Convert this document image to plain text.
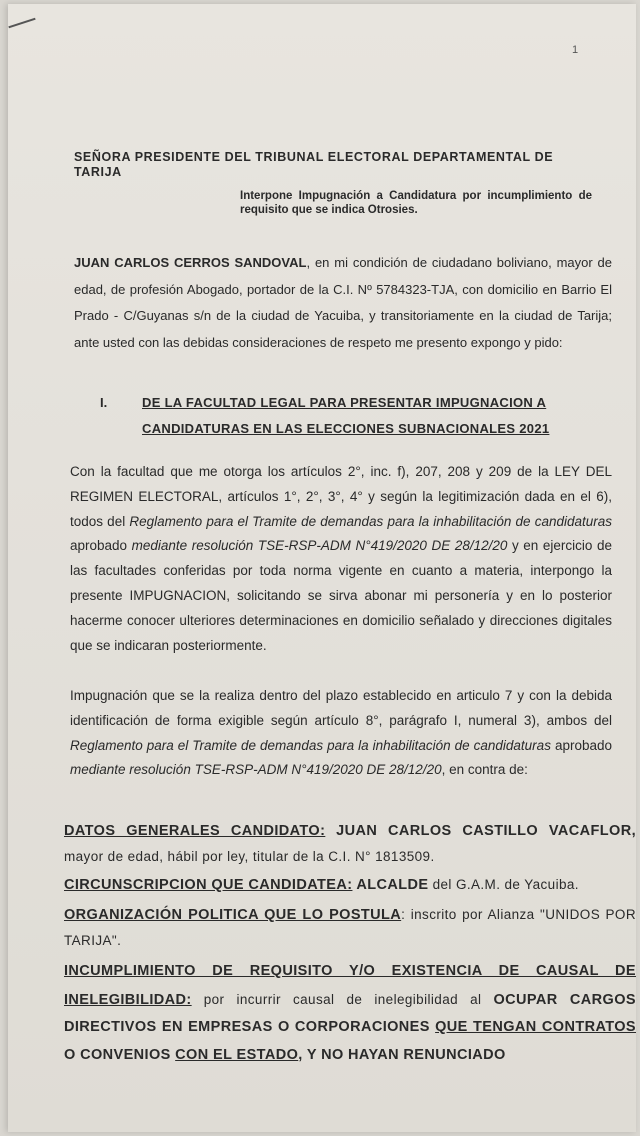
1
SEÑORA PRESIDENTE DEL TRIBUNAL ELECTORAL DEPARTAMENTAL DE TARIJA
Interpone Impugnación a Candidatura por incumplimiento de requisito que se indica Otrosies.
JUAN CARLOS CERROS SANDOVAL, en mi condición de ciudadano boliviano, mayor de edad, de profesión Abogado, portador de la C.I. Nº 5784323-TJA, con domicilio en Barrio El Prado - C/Guyanas s/n de la ciudad de Yacuiba, y transitoriamente en la ciudad de Tarija; ante usted con las debidas consideraciones de respeto me presento expongo y pido:
I.	DE LA FACULTAD LEGAL PARA PRESENTAR IMPUGNACION A CANDIDATURAS EN LAS ELECCIONES SUBNACIONALES 2021
Con la facultad que me otorga los artículos 2°, inc. f), 207, 208 y 209 de la LEY DEL REGIMEN ELECTORAL, artículos 1°, 2°, 3°, 4° y según la legitimización dada en el 6), todos del Reglamento para el Tramite de demandas para la inhabilitación de candidaturas aprobado mediante resolución TSE-RSP-ADM N°419/2020 DE 28/12/20 y en ejercicio de las facultades conferidas por toda norma vigente en cuanto a materia, interpongo la presente IMPUGNACION, solicitando se sirva abonar mi personería y en lo posterior hacerme conocer ulteriores determinaciones en domicilio señalado y direcciones digitales que se indicaran posteriormente.
Impugnación que se la realiza dentro del plazo establecido en articulo 7 y con la debida identificación de forma exigible según artículo 8°, parágrafo I, numeral 3), ambos del Reglamento para el Tramite de demandas para la inhabilitación de candidaturas aprobado mediante resolución TSE-RSP-ADM N°419/2020 DE 28/12/20, en contra de:
DATOS GENERALES CANDIDATO: JUAN CARLOS CASTILLO VACAFLOR, mayor de edad, hábil por ley, titular de la C.I. N° 1813509.
CIRCUNSCRIPCION QUE CANDIDATEA: ALCALDE del G.A.M. de Yacuiba.
ORGANIZACIÓN POLITICA QUE LO POSTULA: inscrito por Alianza "UNIDOS POR TARIJA".
INCUMPLIMIENTO DE REQUISITO Y/O EXISTENCIA DE CAUSAL DE INELEGIBILIDAD: por incurrir causal de inelegibilidad al OCUPAR CARGOS DIRECTIVOS EN EMPRESAS O CORPORACIONES QUE TENGAN CONTRATOS O CONVENIOS CON EL ESTADO, Y NO HAYAN RENUNCIADO
